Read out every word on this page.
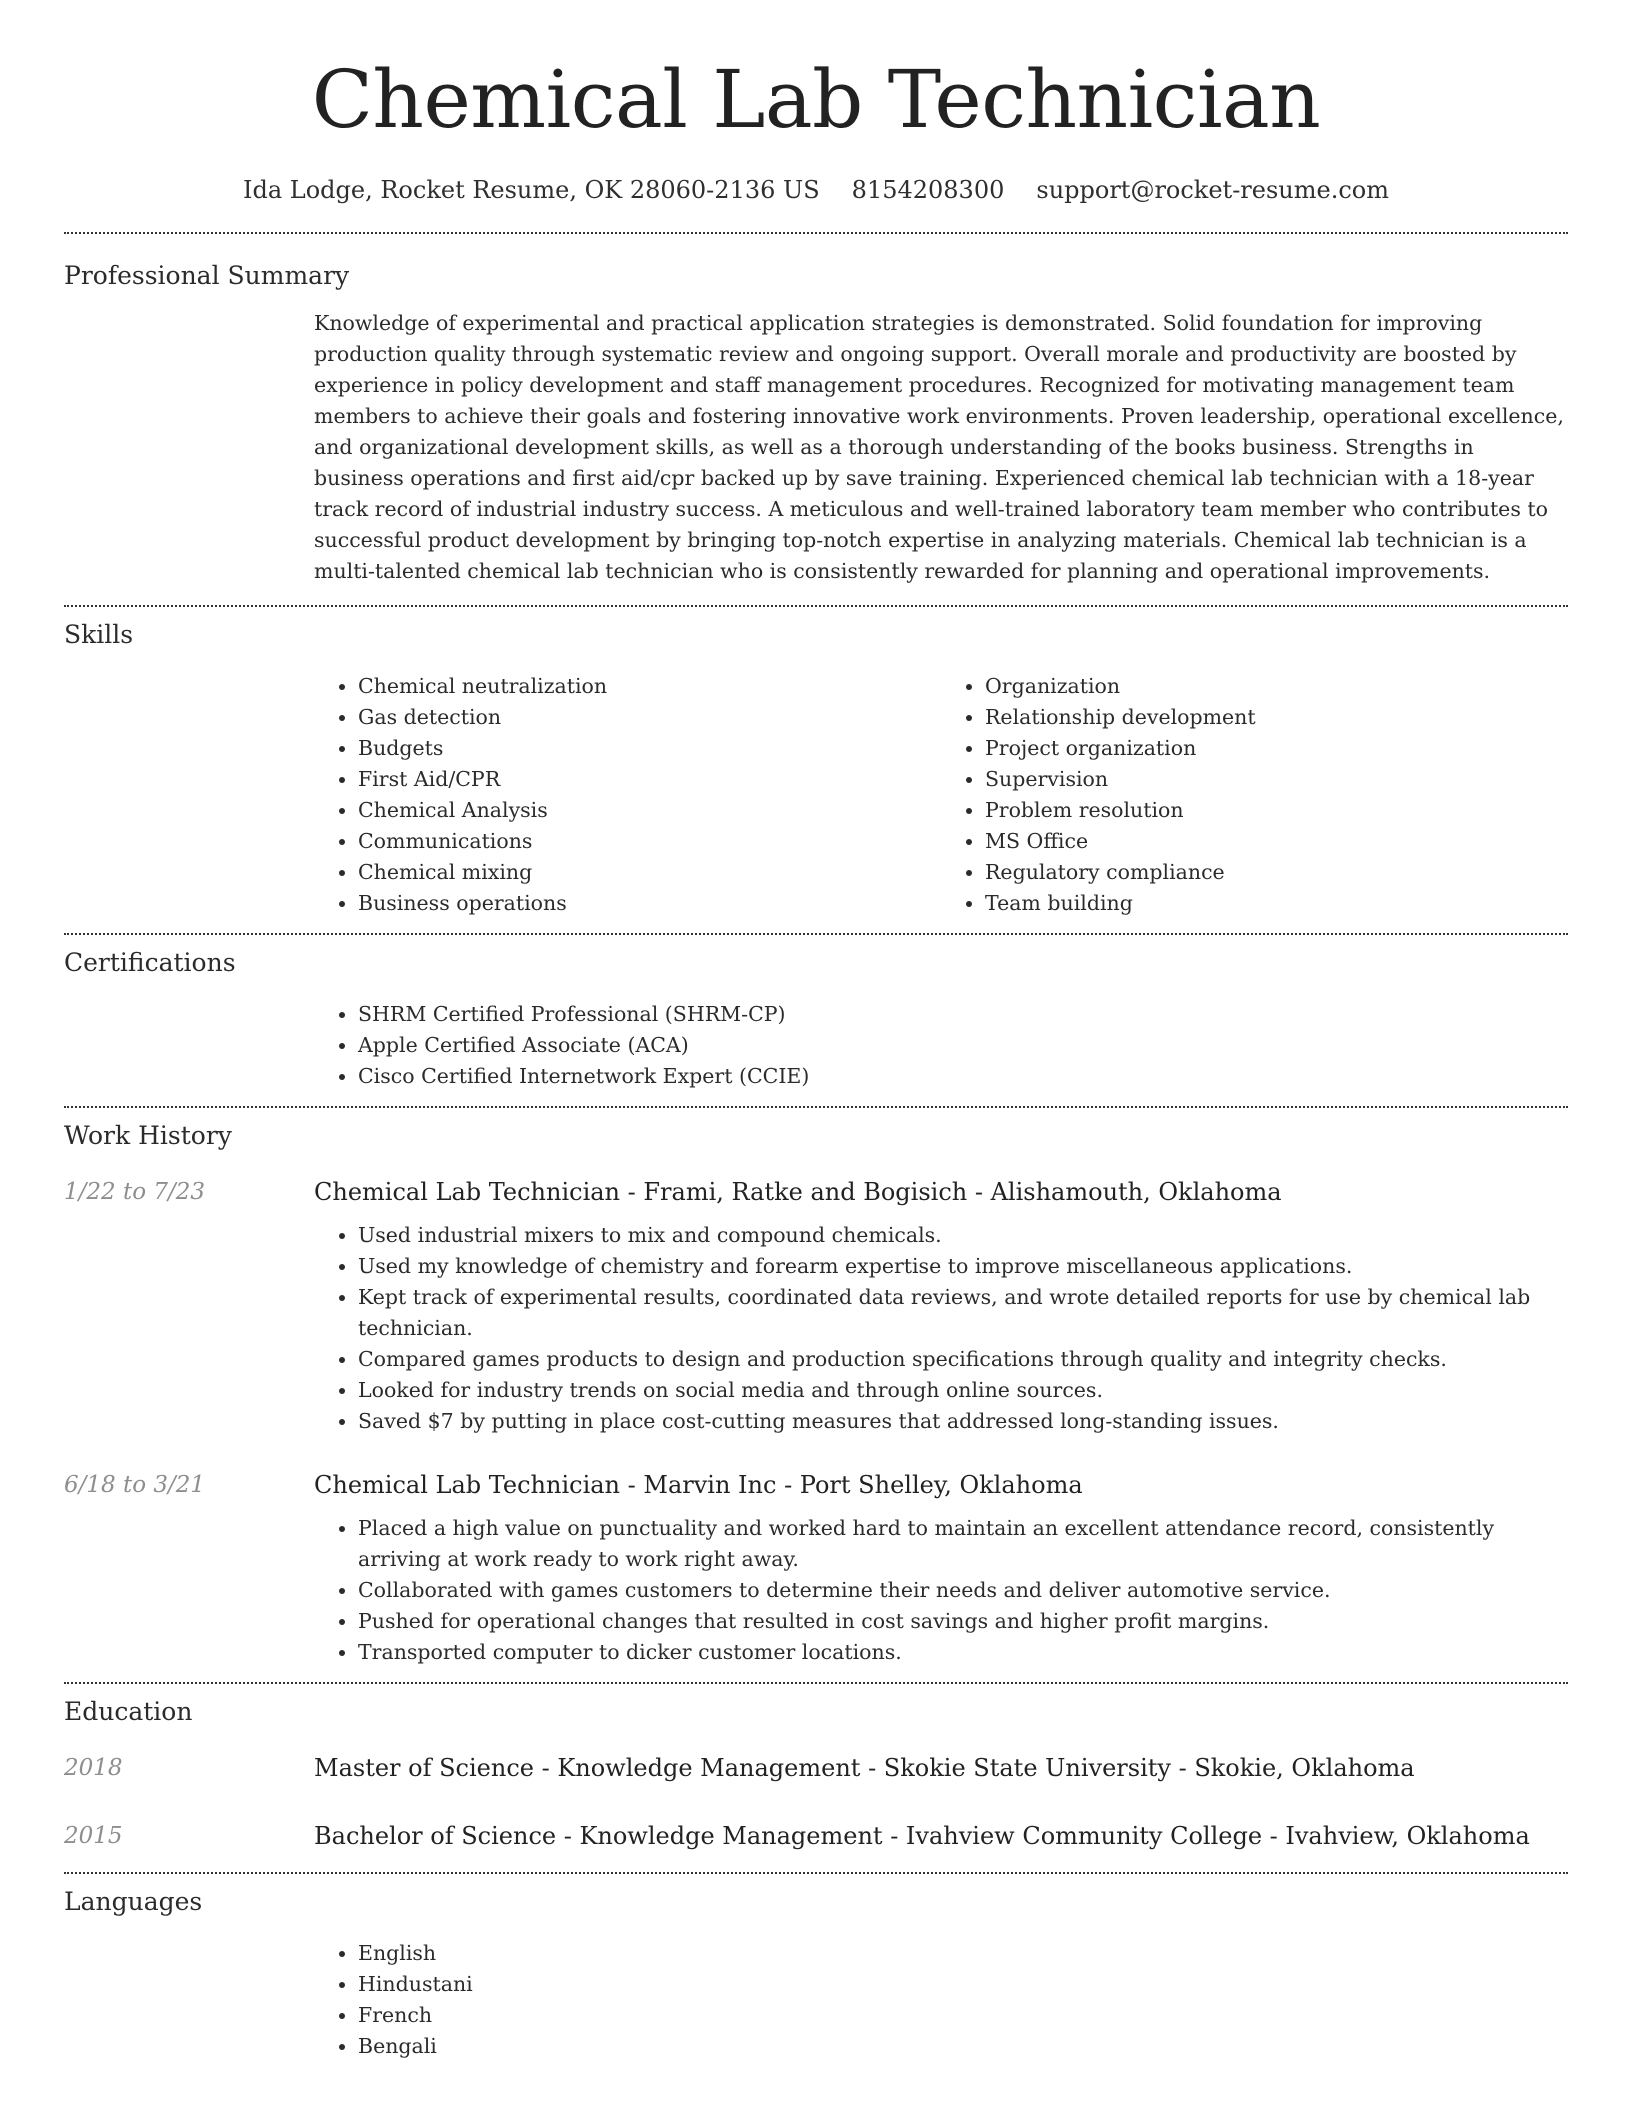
Chemical Lab Technician
Ida Lodge, Rocket Resume, OK 28060-2136 US 8154208300 support@rocket-resume.com
Professional Summary

Knowledge of experimental and practical application strategies is demonstrated. Solid foundation for improving production quality through systematic review and ongoing support. Overall morale and productivity are boosted by experience in policy development and staff management procedures. Recognized for motivating management team members to achieve their goals and fostering innovative work environments. Proven leadership, operational excellence, and organizational development skills, as well as a thorough understanding of the books business. Strengths in business operations and first aid/cpr backed up by save training. Experienced chemical lab technician with a 18-year track record of industrial industry success. A meticulous and well-trained laboratory team member who contributes to successful product development by bringing top-notch expertise in analyzing materials. Chemical lab technician is a multi-talented chemical lab technician who is consistently rewarded for planning and operational improvements.

Skills
• Chemical neutralization
• Gas detection
• Budgets
• First Aid/CPR
• Chemical Analysis
• Communications
• Chemical mixing
• Business operations
• Organization
• Relationship development
• Project organization
• Supervision
• Problem resolution
• MS Office
• Regulatory compliance
• Team building
Certifications
• SHRM Certified Professional (SHRM-CP)
• Apple Certified Associate (ACA)
• Cisco Certified Internetwork Expert (CCIE)
Work History
1/22 to 7/23	Chemical Lab Technician - Frami, Ratke and Bogisich - Alishamouth, Oklahoma
• Used industrial mixers to mix and compound chemicals.
• Used my knowledge of chemistry and forearm expertise to improve miscellaneous applications.
• Kept track of experimental results, coordinated data reviews, and wrote detailed reports for use by chemical lab technician.
• Compared games products to design and production specifications through quality and integrity checks.
• Looked for industry trends on social media and through online sources.
• Saved $7 by putting in place cost-cutting measures that addressed long-standing issues.
6/18 to 3/21	Chemical Lab Technician - Marvin Inc - Port Shelley, Oklahoma
• Placed a high value on punctuality and worked hard to maintain an excellent attendance record, consistently arriving at work ready to work right away.
• Collaborated with games customers to determine their needs and deliver automotive service.
• Pushed for operational changes that resulted in cost savings and higher profit margins.
• Transported computer to dicker customer locations.
Education
2018	Master of Science - Knowledge Management - Skokie State University - Skokie, Oklahoma
2015	Bachelor of Science - Knowledge Management - Ivahview Community College - Ivahview, Oklahoma
Languages
• English
• Hindustani
• French
• Bengali
